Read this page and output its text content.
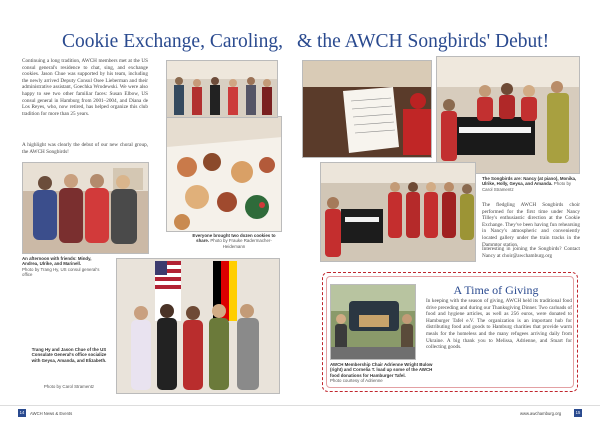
Cookie Exchange, Caroling, & the AWCH Songbirds' Debut!
Continuing a long tradition, AWCH members met at the US consul general's residence to chat, sing, and exchange cookies. Jason Chue was supported by his team, including the newly arrived Deputy Consul Osee Lieberman and their administrative assistant, Goechka Wrodewski. We were also happy to see two other familiar faces: Susan Elbow, US consul general in Hamburg from 2001–2004, and Diana de Los Reyes, who, now retired, has helped organize this club tradition for more than 25 years.
A highlight was clearly the debut of our new choral group, the AWCH Songbirds!
An afternoon with friends: Mindy, Andrea, Ulrike, and Marinell.
Photo by Trang Hy, US consul general's office
Everyone brought two dozen cookies to share. Photo by Frauke Radermacher-Heidemann
Trang Hy and Jason Chue of the US Consulate General's office socialize with Geysa, Amanda, and Elizabeth.
Photo by Carol Stramentz
The Songbirds are: Nancy (at piano), Monika, Ulrike, Holly, Geysa, and Amanda. Photo by Carol Stramentz
The fledgling AWCH Songbirds choir performed for the first time under Nancy Tilley's enthusiastic direction at the Cookie Exchange. They've been having fun rehearsing in Nancy's atmospheric and conveniently located gallery under the train tracks in the Dammtor station.
Interesting in joining the Songbirds? Contact Nancy at choir@awchamburg.org
A Time of Giving
AWCH Membership Chair Adrienne Wright Bulow (right) and Cornelia T. load up some of the AWCH food donations for Hamburger Tafel.
Photo courtesy of Adrienne
In keeping with the season of giving, AWCH held its traditional food drive preceding and during our Thanksgiving Dinner. Two carloads of food and hygiene articles, as well as 256 euros, were donated to Hamburger Tafel e.V. The organization is an important hub for distributing food and goods to Hamburg charities that provide warm meals for the homeless and the many refugees arriving daily from Ukraine. A big thank you to Melissa, Adrienne, and Stuart for collecting goods.
14	AWCH News & Events	www.awchamburg.org	15
